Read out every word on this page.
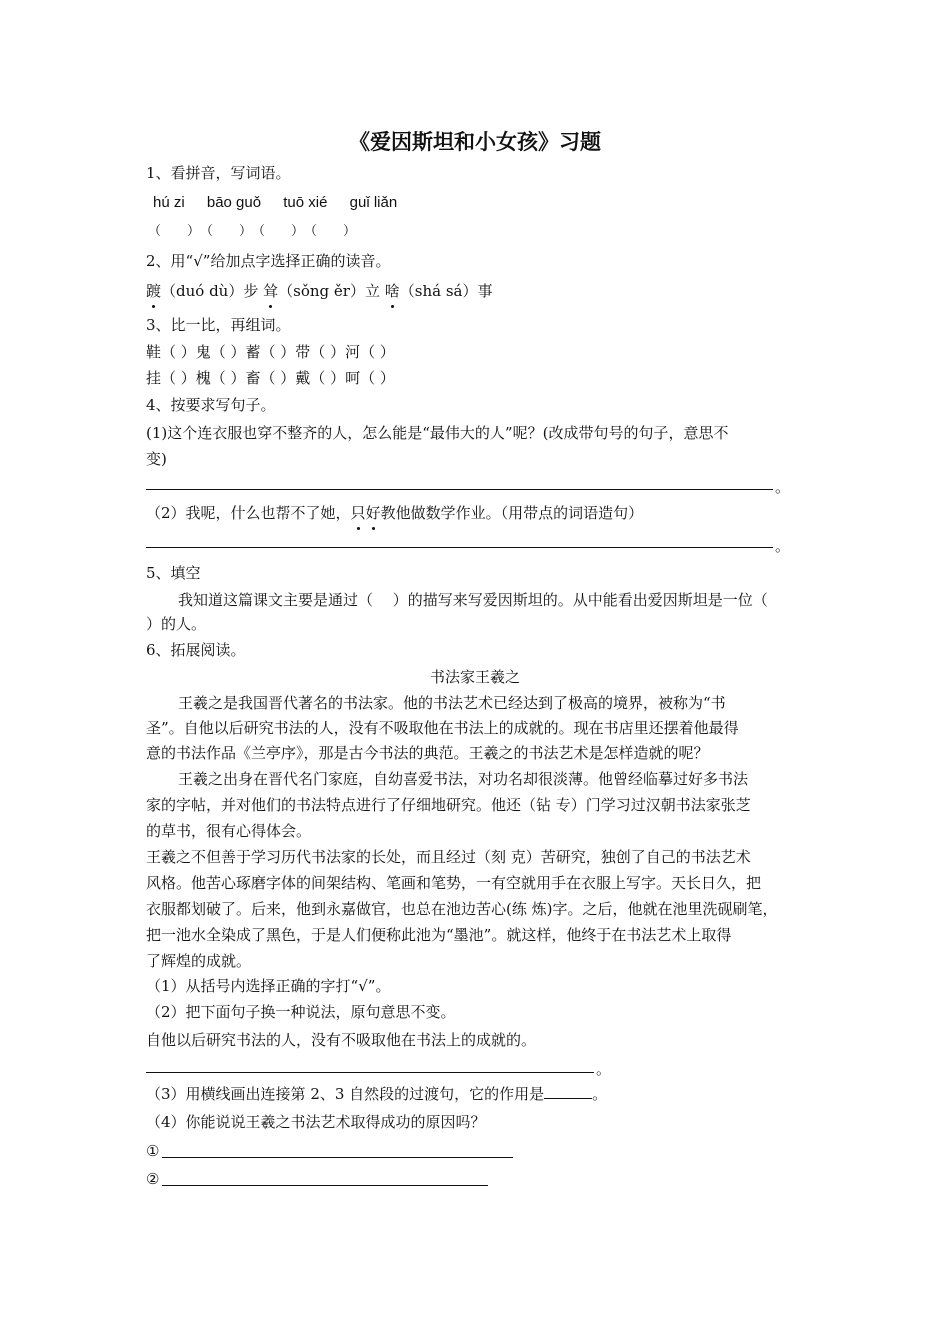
《爱因斯坦和小女孩》习题
1、看拼音，写词语。
hú zi bāo guǒ tuō xié guǐ liǎn
（　　）　（　　）　（　　）　（　　）
2、用“√”给加点字选择正确的读音。
踱（duó dù）步 耸（sǒng ěr）立 啥（shá sá）事
3、比一比，再组词。
鞋（ ）鬼（ ）蓄（ ）带（ ）河（ ）
挂（ ）槐（ ）畜（ ）戴（ ）呵（ ）
4、按要求写句子。
(1)这个连衣服也穿不整齐的人，怎么能是“最伟大的人”呢？(改成带句号的句子，意思不
变)
。
（2）我呢，什么也帮不了她，只好教他做数学作业。（用带点的词语造句）
。
5、填空
我知道这篇课文主要是通过（　 ）的描写来写爱因斯坦的。从中能看出爱因斯坦是一位（
）的人。
6、拓展阅读。
书法家王羲之
王羲之是我国晋代著名的书法家。他的书法艺术已经达到了极高的境界，被称为“书
圣”。自他以后研究书法的人，没有不吸取他在书法上的成就的。现在书店里还摆着他最得
意的书法作品《兰亭序》，那是古今书法的典范。王羲之的书法艺术是怎样造就的呢？
王羲之出身在晋代名门家庭，自幼喜爱书法，对功名却很淡薄。他曾经临摹过好多书法
家的字帖，并对他们的书法特点进行了仔细地研究。他还（钻 专）门学习过汉朝书法家张芝
的草书，很有心得体会。
王羲之不但善于学习历代书法家的长处，而且经过（刻 克）苦研究，独创了自己的书法艺术
风格。他苦心琢磨字体的间架结构、笔画和笔势，一有空就用手在衣服上写字。天长日久，把
衣服都划破了。后来，他到永嘉做官，也总在池边苦心(练 炼)字。之后，他就在池里洗砚刷笔，
把一池水全染成了黑色，于是人们便称此池为“墨池”。就这样，他终于在书法艺术上取得
了辉煌的成就。
（1）从括号内选择正确的字打“√”。
（2）把下面句子换一种说法，原句意思不变。
自他以后研究书法的人，没有不吸取他在书法上的成就的。
。
（3）用横线画出连接第 2、3 自然段的过渡句，它的作用是	。
（4）你能说说王羲之书法艺术取得成功的原因吗？
①
②
